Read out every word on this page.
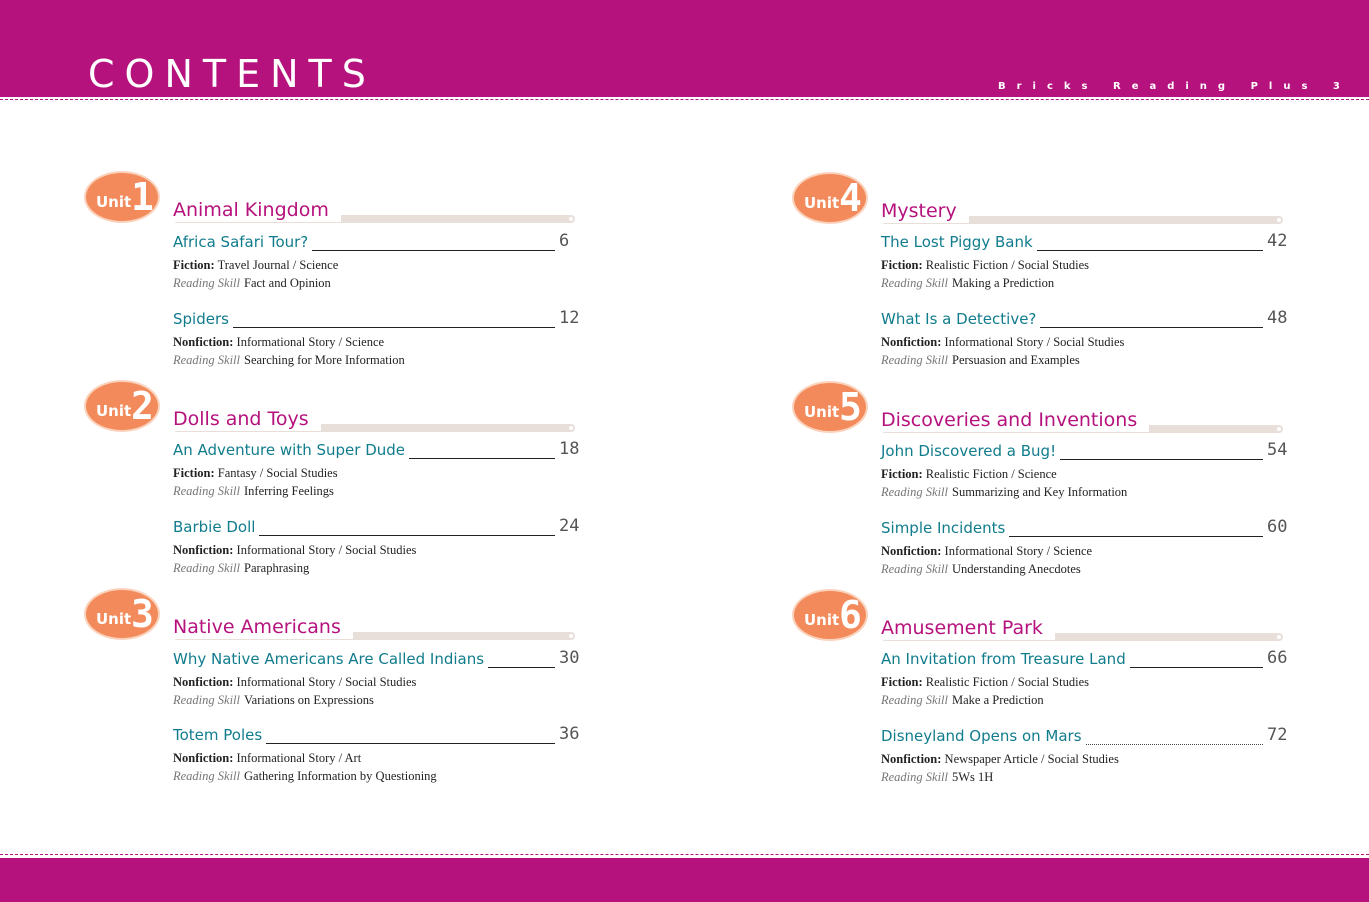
CONTENTS	Bricks Reading Plus 3
Unit 1 Animal Kingdom
Africa Safari Tour?	6
Fiction: Travel Journal / Science
Reading Skill Fact and Opinion
Spiders	12
Nonfiction: Informational Story / Science
Reading Skill Searching for More Information
Unit 2 Dolls and Toys
An Adventure with Super Dude	18
Fiction: Fantasy / Social Studies
Reading Skill Inferring Feelings
Barbie Doll	24
Nonfiction: Informational Story / Social Studies
Reading Skill Paraphrasing
Unit 3 Native Americans
Why Native Americans Are Called Indians	30
Nonfiction: Informational Story / Social Studies
Reading Skill Variations on Expressions
Totem Poles	36
Nonfiction: Informational Story / Art
Reading Skill Gathering Information by Questioning
Unit 4 Mystery
The Lost Piggy Bank	42
Fiction: Realistic Fiction / Social Studies
Reading Skill Making a Prediction
What Is a Detective?	48
Nonfiction: Informational Story / Social Studies
Reading Skill Persuasion and Examples
Unit 5 Discoveries and Inventions
John Discovered a Bug!	54
Fiction: Realistic Fiction / Science
Reading Skill Summarizing and Key Information
Simple Incidents	60
Nonfiction: Informational Story / Science
Reading Skill Understanding Anecdotes
Unit 6 Amusement Park
An Invitation from Treasure Land	66
Fiction: Realistic Fiction / Social Studies
Reading Skill Make a Prediction
Disneyland Opens on Mars	72
Nonfiction: Newspaper Article / Social Studies
Reading Skill 5Ws 1H
